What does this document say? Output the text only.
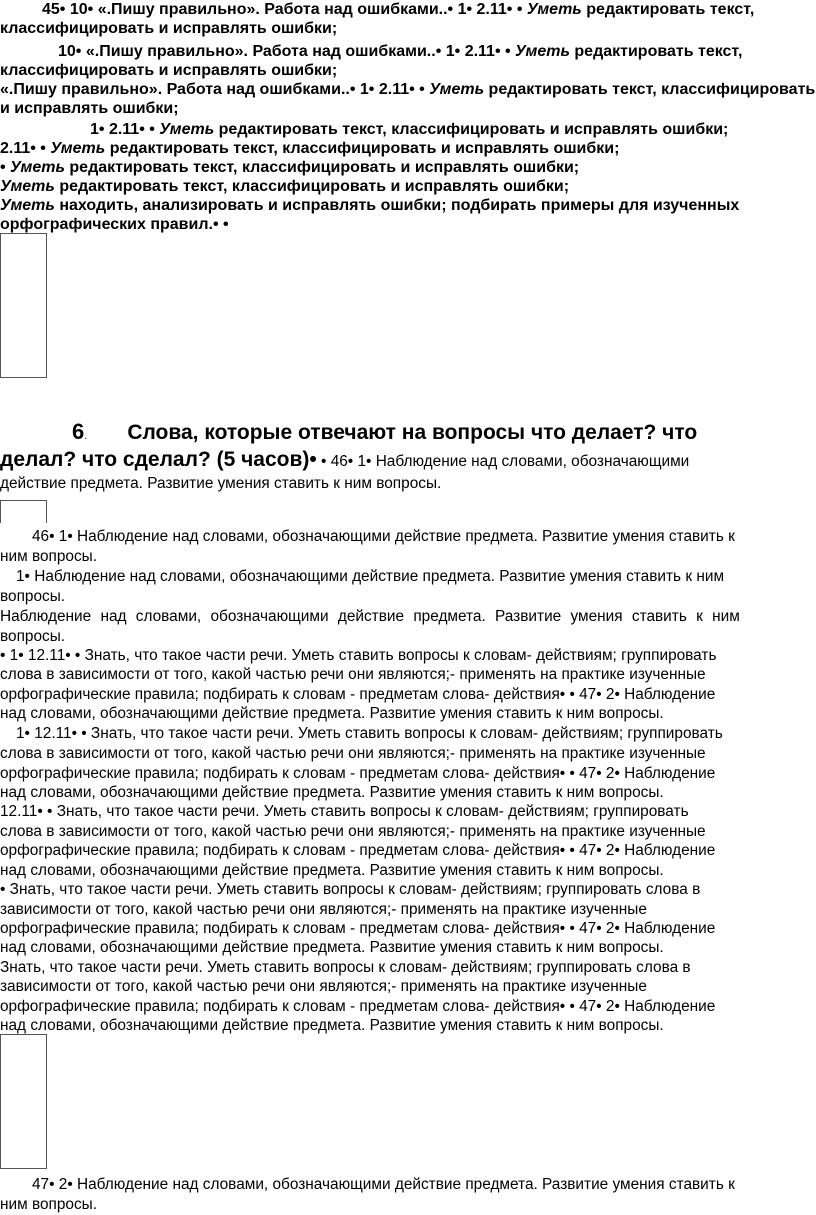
45• 10• «.Пишу правильно». Работа над ошибками..• 1• 2.11• • Уметь редактировать текст,
классифицировать и исправлять ошибки;
10• «.Пишу правильно». Работа над ошибками..• 1• 2.11• • Уметь редактировать текст,
классифицировать и исправлять ошибки;
«.Пишу правильно». Работа над ошибками..• 1• 2.11• • Уметь редактировать текст, классифицировать
и исправлять ошибки;
1• 2.11• • Уметь редактировать текст, классифицировать и исправлять ошибки;
2.11• • Уметь редактировать текст, классифицировать и исправлять ошибки;
• Уметь редактировать текст, классифицировать и исправлять ошибки;
Уметь редактировать текст, классифицировать и исправлять ошибки;
Уметь находить, анализировать и исправлять ошибки; подбирать примеры для изученных
орфографических правил.• •
6. Слова, которые отвечают на вопросы что делает? что
делал? что сделал? (5 часов)• • 46• 1• Наблюдение над словами, обозначающими
действие предмета. Развитие умения ставить к ним вопросы.
46• 1• Наблюдение над словами, обозначающими действие предмета. Развитие умения ставить к
ним вопросы.
1• Наблюдение над словами, обозначающими действие предмета. Развитие умения ставить к ним
вопросы.
Наблюдение над словами, обозначающими действие предмета. Развитие умения ставить к ним
вопросы.
• 1• 12.11• • Знать, что такое части речи. Уметь ставить вопросы к словам- действиям; группировать
слова в зависимости от того, какой частью речи они являются;- применять на практике изученные
орфографические правила; подбирать к словам - предметам слова- действия• • 47• 2• Наблюдение
над словами, обозначающими действие предмета. Развитие умения ставить к ним вопросы.
1• 12.11• • Знать, что такое части речи. Уметь ставить вопросы к словам- действиям; группировать
слова в зависимости от того, какой частью речи они являются;- применять на практике изученные
орфографические правила; подбирать к словам - предметам слова- действия• • 47• 2• Наблюдение
над словами, обозначающими действие предмета. Развитие умения ставить к ним вопросы.
12.11• • Знать, что такое части речи. Уметь ставить вопросы к словам- действиям; группировать
слова в зависимости от того, какой частью речи они являются;- применять на практике изученные
орфографические правила; подбирать к словам - предметам слова- действия• • 47• 2• Наблюдение
над словами, обозначающими действие предмета. Развитие умения ставить к ним вопросы.
• Знать, что такое части речи. Уметь ставить вопросы к словам- действиям; группировать слова в
зависимости от того, какой частью речи они являются;- применять на практике изученные
орфографические правила; подбирать к словам - предметам слова- действия• • 47• 2• Наблюдение
над словами, обозначающими действие предмета. Развитие умения ставить к ним вопросы.
Знать, что такое части речи. Уметь ставить вопросы к словам- действиям; группировать слова в
зависимости от того, какой частью речи они являются;- применять на практике изученные
орфографические правила; подбирать к словам - предметам слова- действия• • 47• 2• Наблюдение
над словами, обозначающими действие предмета. Развитие умения ставить к ним вопросы.
47• 2• Наблюдение над словами, обозначающими действие предмета. Развитие умения ставить к
ним вопросы.
